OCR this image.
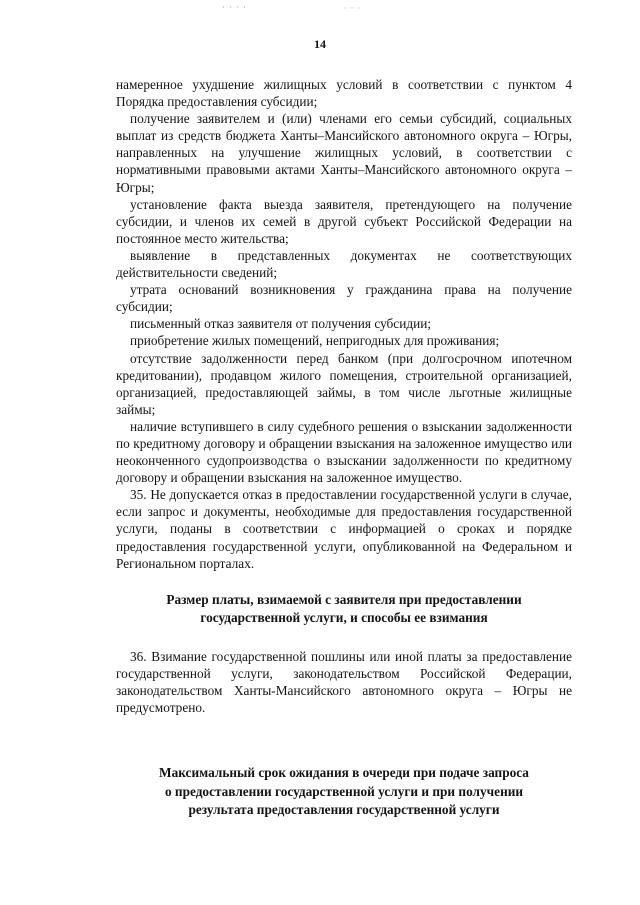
· · ∙ ·	∙ · ∙
14

намеренное ухудшение жилищных условий в соответствии с пунктом 4 Порядка предоставления субсидии;

получение заявителем и (или) членами его семьи субсидий, социальных выплат из средств бюджета Ханты–Мансийского автономного округа – Югры, направленных на улучшение жилищных условий, в соответствии с нормативными правовыми актами Ханты–Мансийского автономного округа – Югры;

установление факта выезда заявителя, претендующего на получение субсидии, и членов их семей в другой субъект Российской Федерации на постоянное место жительства;

выявление в представленных документах не соответствующих действительности сведений;

утрата оснований возникновения у гражданина права на получение субсидии;

письменный отказ заявителя от получения субсидии;

приобретение жилых помещений, непригодных для проживания;

отсутствие задолженности перед банком (при долгосрочном ипотечном кредитовании), продавцом жилого помещения, строительной организацией, организацией, предоставляющей займы, в том числе льготные жилищные займы;

наличие вступившего в силу судебного решения о взыскании задолженности по кредитному договору и обращении взыскания на заложенное имущество или неоконченного судопроизводства о взыскании задолженности по кредитному договору и обращении взыскания на заложенное имущество.

35. Не допускается отказ в предоставлении государственной услуги в случае, если запрос и документы, необходимые для предоставления государственной услуги, поданы в соответствии с информацией о сроках и порядке предоставления государственной услуги, опубликованной на Федеральном и Региональном порталах.

Размер платы, взимаемой с заявителя при предоставлении
государственной услуги, и способы ее взимания

36. Взимание государственной пошлины или иной платы за предоставление государственной услуги, законодательством Российской Федерации, законодательством Ханты-Мансийского автономного округа – Югры не предусмотрено.

Максимальный срок ожидания в очереди при подаче запроса
о предоставлении государственной услуги и при получении
результата предоставления государственной услуги
